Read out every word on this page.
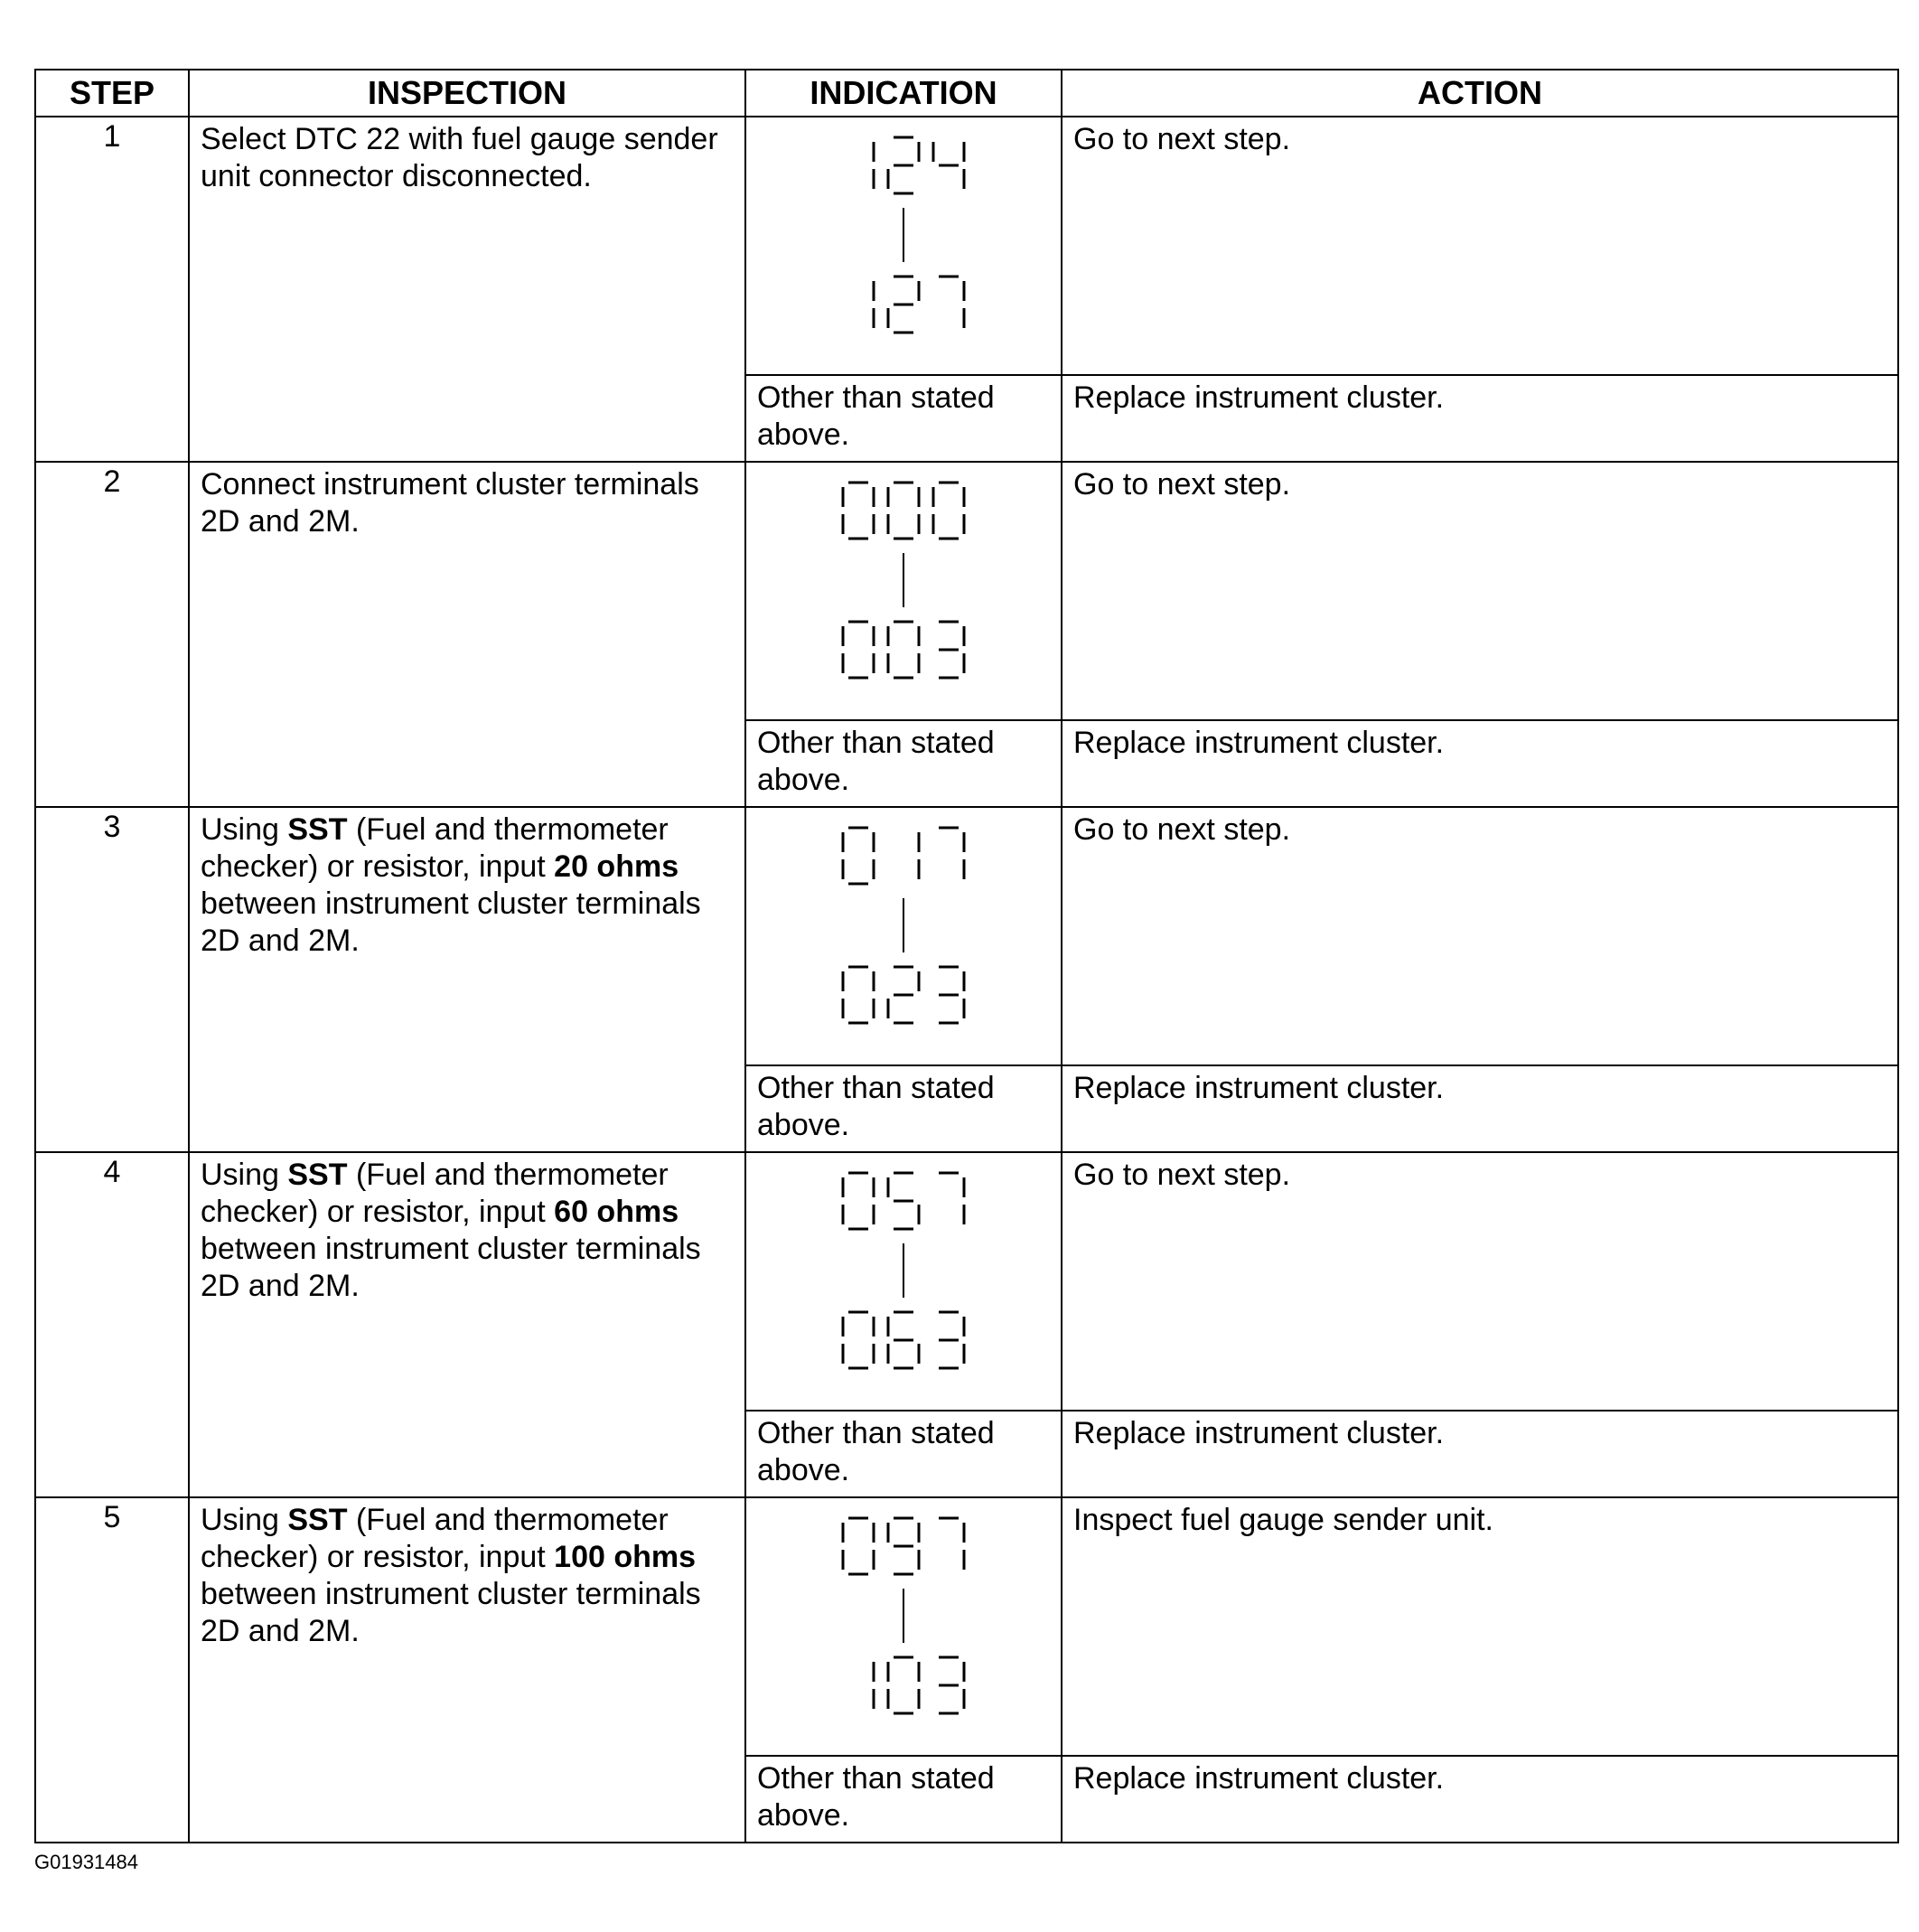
STEP	INSPECTION	INDICATION	ACTION
1	Select DTC 22 with fuel gauge sender unit connector disconnected.		Go to next step.
		Other than stated above.	Replace instrument cluster.
2	Connect instrument cluster terminals 2D and 2M.		Go to next step.
		Other than stated above.	Replace instrument cluster.
3	Using SST (Fuel and thermometer checker) or resistor, input 20 ohms between instrument cluster terminals 2D and 2M.		Go to next step.
		Other than stated above.	Replace instrument cluster.
4	Using SST (Fuel and thermometer checker) or resistor, input 60 ohms between instrument cluster terminals 2D and 2M.		Go to next step.
		Other than stated above.	Replace instrument cluster.
5	Using SST (Fuel and thermometer checker) or resistor, input 100 ohms between instrument cluster terminals 2D and 2M.		Inspect fuel gauge sender unit.
		Other than stated above.	Replace instrument cluster.
G01931484
